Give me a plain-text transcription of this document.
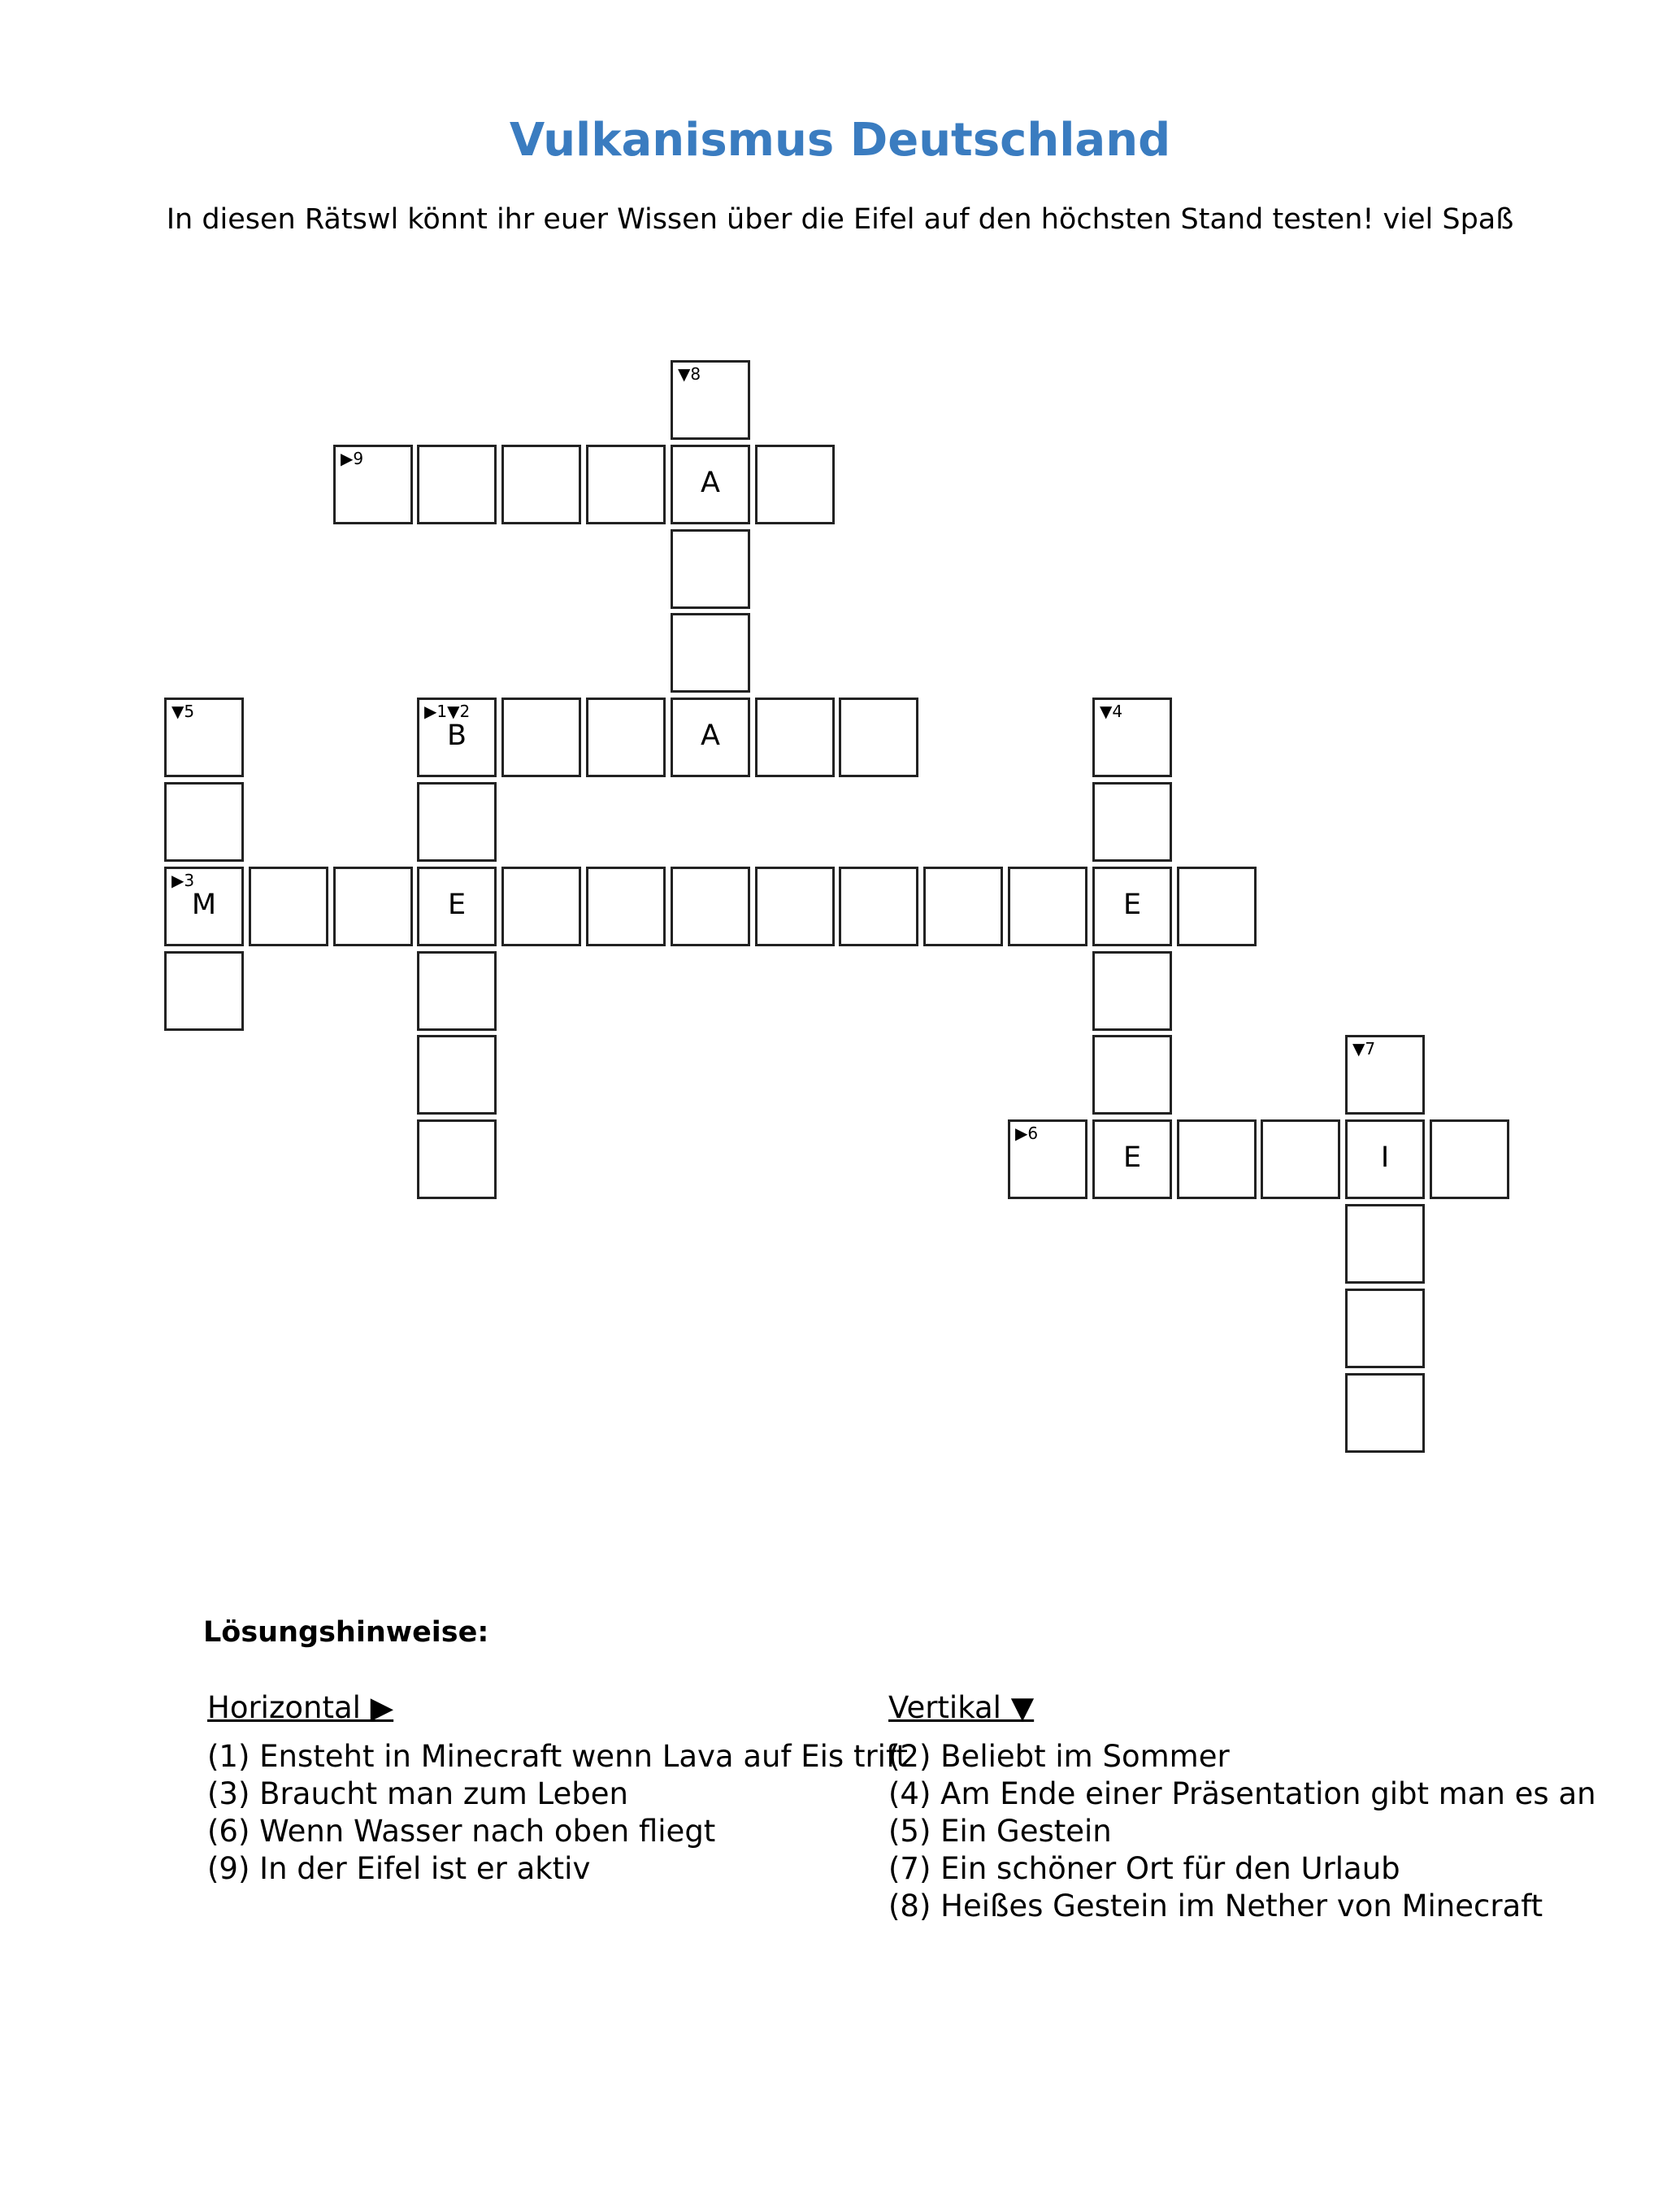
Vulkanismus Deutschland
In diesen Rätswl könnt ihr euer Wissen über die Eifel auf den höchsten Stand testen! viel Spaß
▼8
▶9
A
▼5	▶1▼2
B	A
▼4
▶3
M	E	E
▼7
▶6
E	I
Lösungshinweise:
Horizontal ▶
(1) Ensteht in Minecraft wenn Lava auf Eis trift
(3) Braucht man zum Leben
(6) Wenn Wasser nach oben fliegt
(9) In der Eifel ist er aktiv
Vertikal ▼
(2) Beliebt im Sommer
(4) Am Ende einer Präsentation gibt man es an
(5) Ein Gestein
(7) Ein schöner Ort für den Urlaub
(8) Heißes Gestein im Nether von Minecraft
